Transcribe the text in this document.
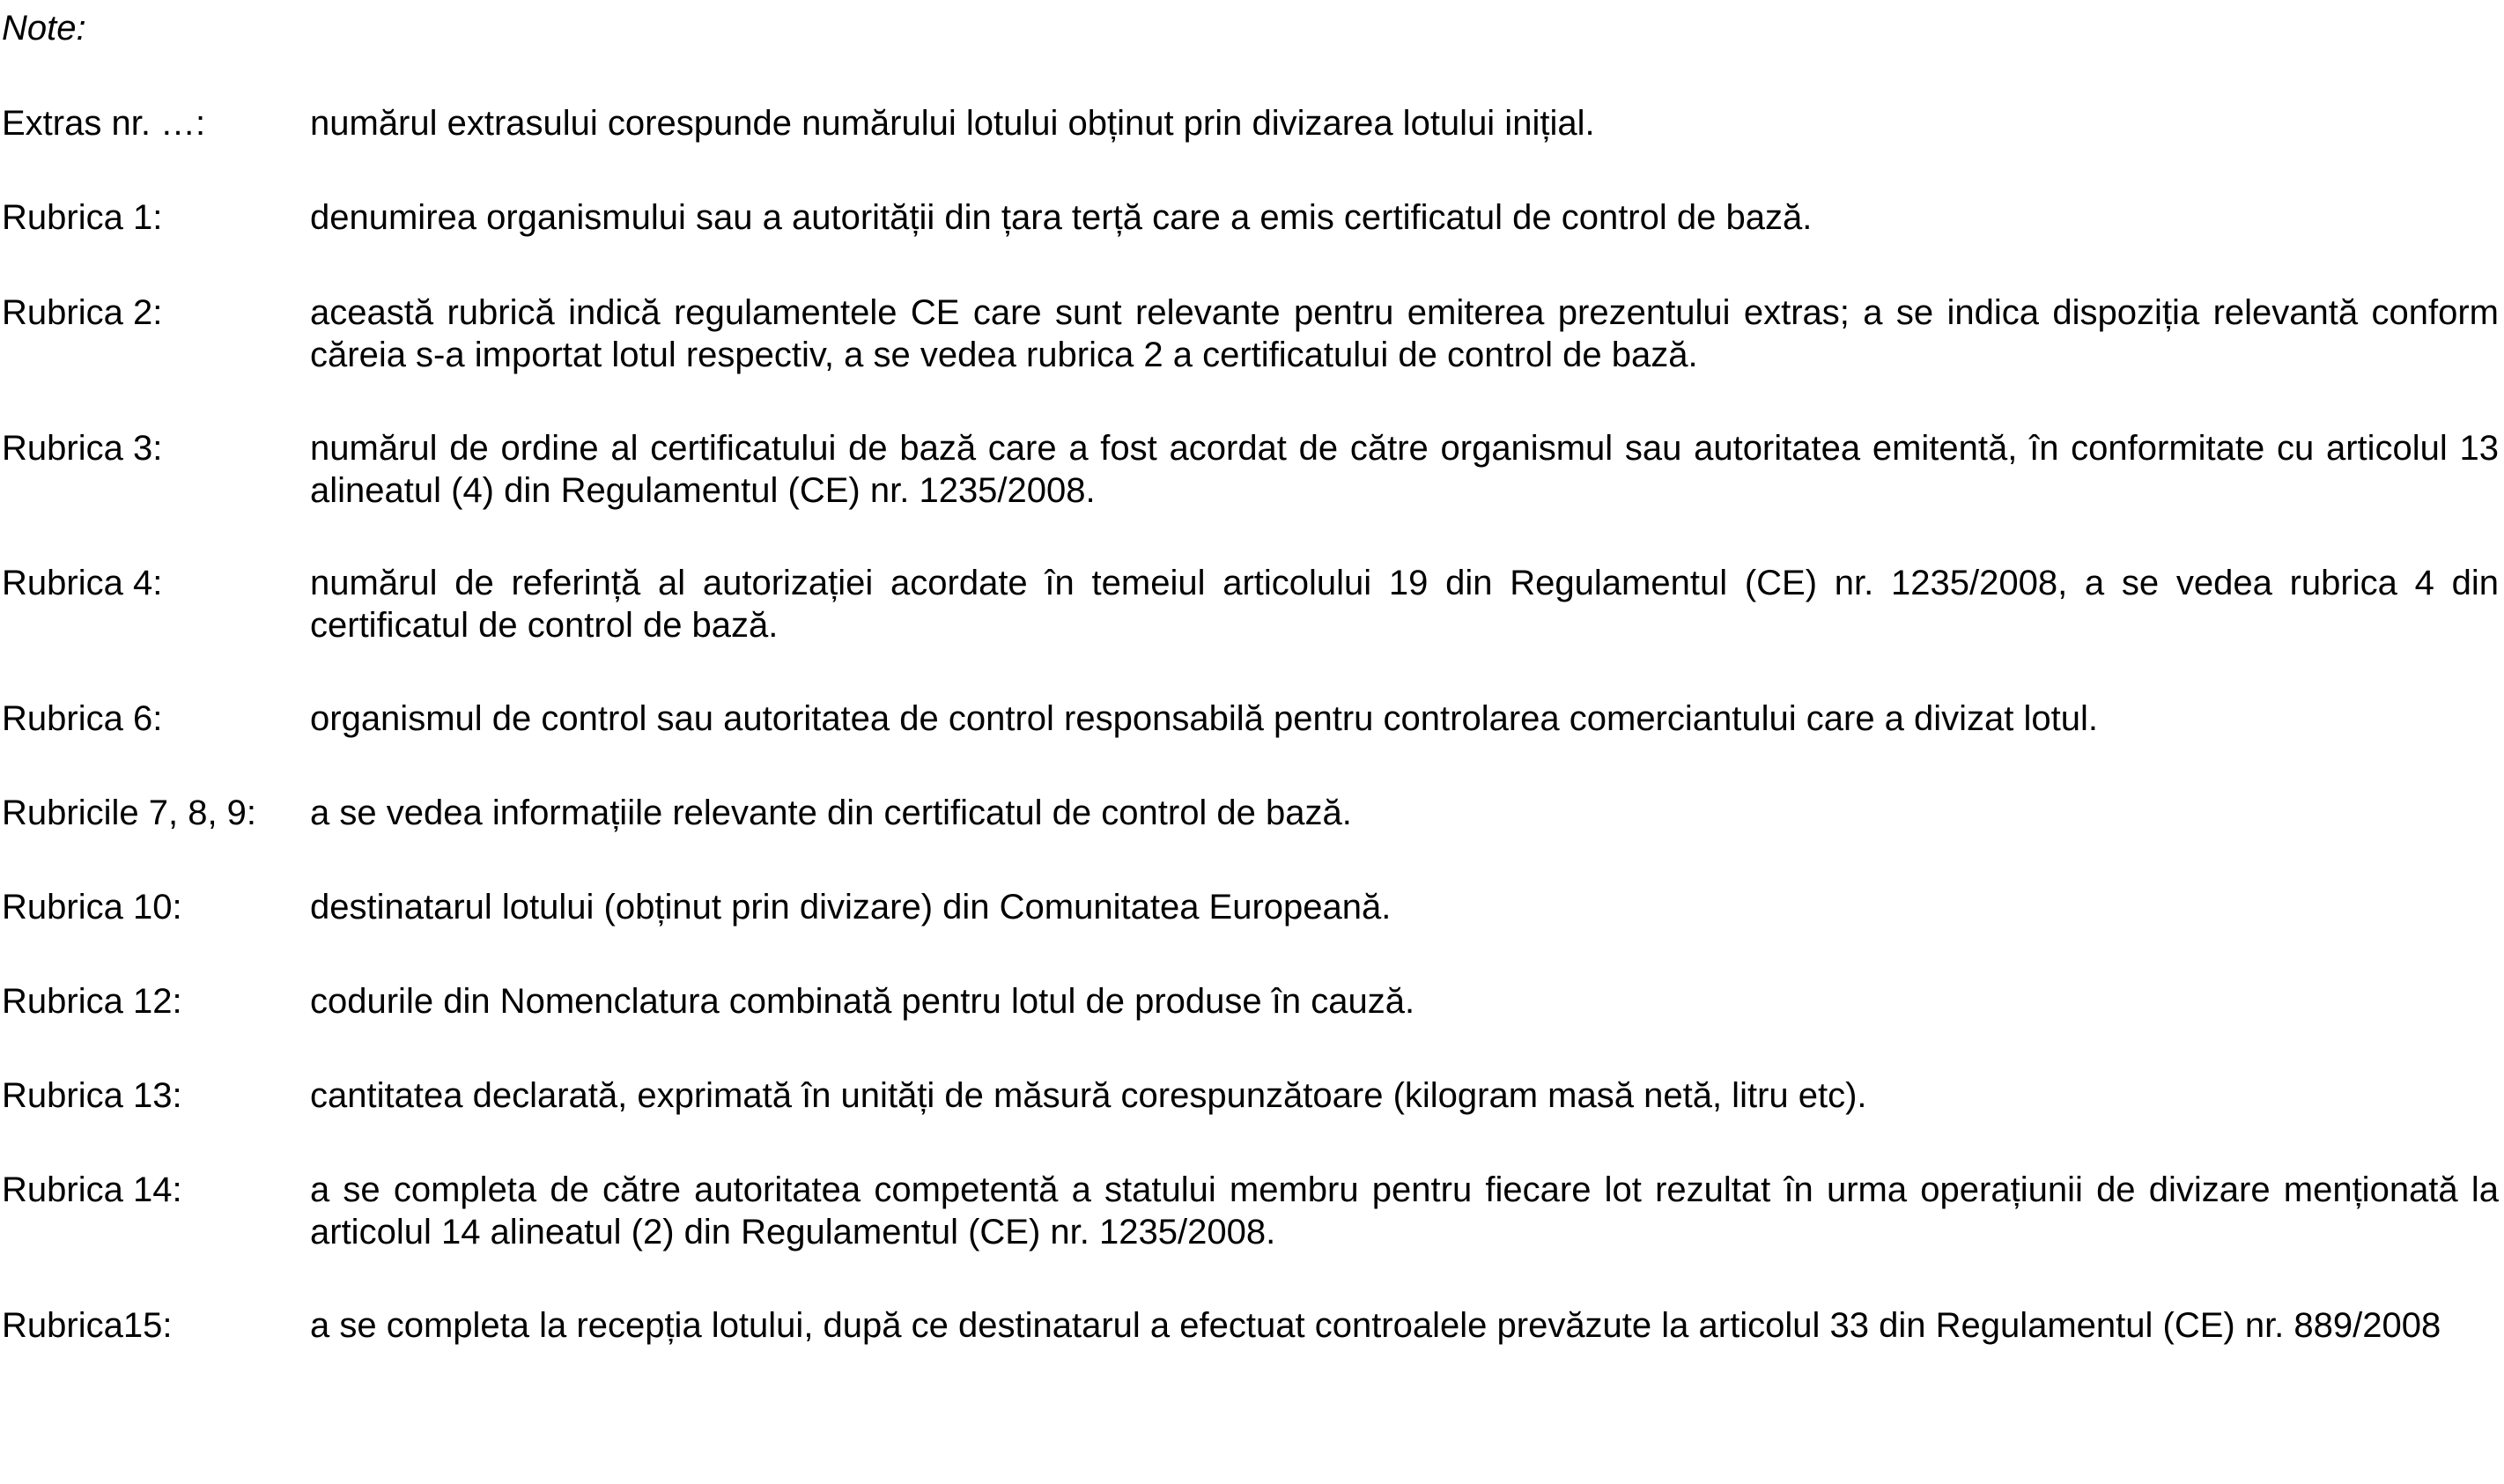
Note:
Extras nr. …:	numărul extrasului corespunde numărului lotului obținut prin divizarea lotului inițial.
Rubrica 1:	denumirea organismului sau a autorității din țara terță care a emis certificatul de control de bază.
Rubrica 2:	această rubrică indică regulamentele CE care sunt relevante pentru emiterea prezentului extras; a se indica dispoziția relevantă conform căreia s-a importat lotul respectiv, a se vedea rubrica 2 a certificatului de control de bază.
Rubrica 3:	numărul de ordine al certificatului de bază care a fost acordat de către organismul sau autoritatea emitentă, în conformitate cu articolul 13 alineatul (4) din Regulamentul (CE) nr. 1235/2008.
Rubrica 4:	numărul de referință al autorizației acordate în temeiul articolului 19 din Regulamentul (CE) nr. 1235/2008, a se vedea rubrica 4 din certificatul de control de bază.
Rubrica 6:	organismul de control sau autoritatea de control responsabilă pentru controlarea comerciantului care a divizat lotul.
Rubricile 7, 8, 9: a se vedea informațiile relevante din certificatul de control de bază.
Rubrica 10:	destinatarul lotului (obținut prin divizare) din Comunitatea Europeană.
Rubrica 12:	codurile din Nomenclatura combinată pentru lotul de produse în cauză.
Rubrica 13:	cantitatea declarată, exprimată în unități de măsură corespunzătoare (kilogram masă netă, litru etc).
Rubrica 14:	a se completa de către autoritatea competentă a statului membru pentru fiecare lot rezultat în urma operațiunii de divizare menționată la articolul 14 alineatul (2) din Regulamentul (CE) nr. 1235/2008.
Rubrica15:	a se completa la recepția lotului, după ce destinatarul a efectuat controalele prevăzute la articolul 33 din Regulamentul (CE) nr. 889/2008
